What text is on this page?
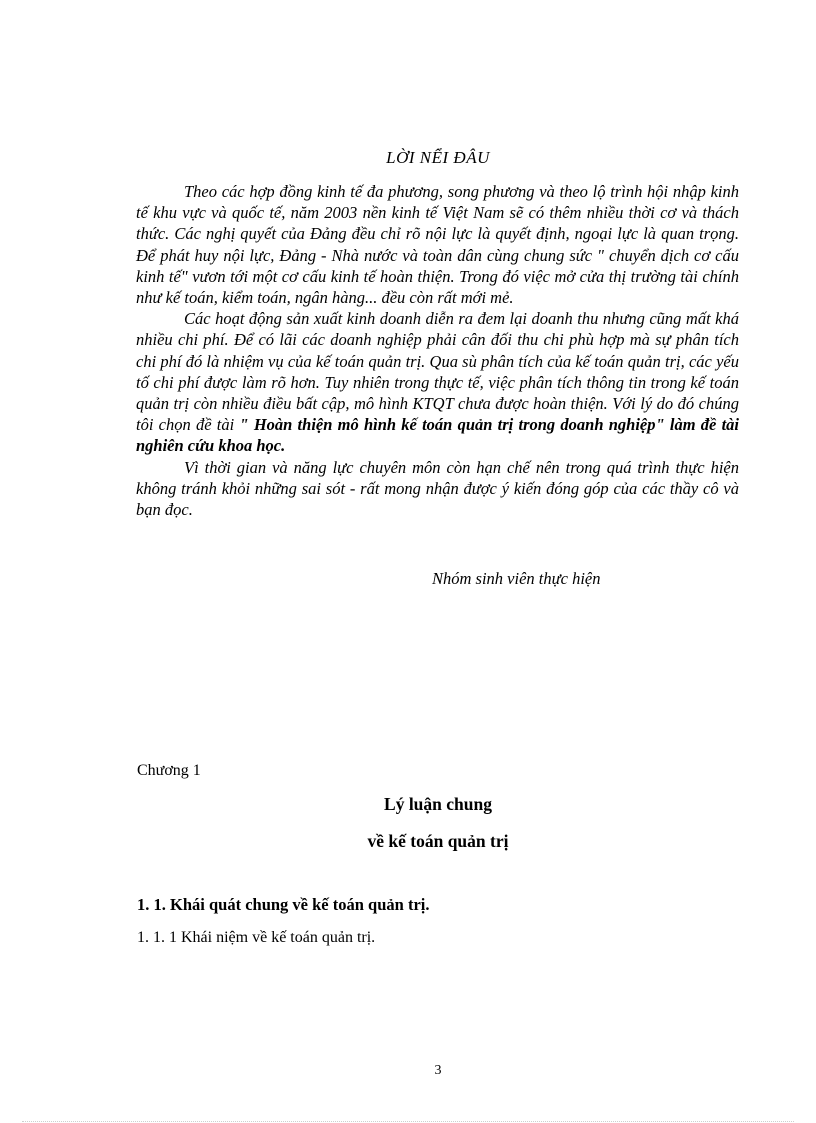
LỜI NỂI ĐÂU

Theo các hợp đồng kinh tế đa phương, song phương và theo lộ trình hội nhập kinh tế khu vực và quốc tế, năm 2003 nền kinh tế Việt Nam sẽ có thêm nhiều thời cơ và thách thức. Các nghị quyết của Đảng đều chỉ rõ nội lực là quyết định, ngoại lực là quan trọng. Để phát huy nội lực, Đảng - Nhà nước và toàn dân cùng chung sức " chuyển dịch cơ cấu kinh tế" vươn tới một cơ cấu kinh tế hoàn thiện. Trong đó việc mở cửa thị trường tài chính như kế toán, kiểm toán, ngân hàng... đều còn rất mới mẻ.

Các hoạt động sản xuất kinh doanh diễn ra đem lại doanh thu nhưng cũng mất khá nhiều chi phí. Để có lãi các doanh nghiệp phải cân đối thu chi phù hợp mà sự phân tích chi phí đó là nhiệm vụ của kế toán quản trị. Qua sù phân tích của kế toán quản trị, các yếu tố chi phí được làm rõ hơn. Tuy nhiên trong thực tế, việc phân tích thông tin trong kế toán quản trị còn nhiều điều bất cập, mô hình KTQT chưa được hoàn thiện. Với lý do đó chúng tôi chọn đề tài " Hoàn thiện mô hình kế toán quản trị trong doanh nghiệp" làm đề tài nghiên cứu khoa học.

Vì thời gian và năng lực chuyên môn còn hạn chế nên trong quá trình thực hiện không tránh khỏi những sai sót - rất mong nhận được ý kiến đóng góp của các thầy cô và bạn đọc.

Nhóm sinh viên thực hiện
Chương 1
Lý luận chung
về kế toán quản trị
1. 1. Khái quát chung về kế toán quản trị.
1. 1. 1 Khái niệm về kế toán quản trị.
3
